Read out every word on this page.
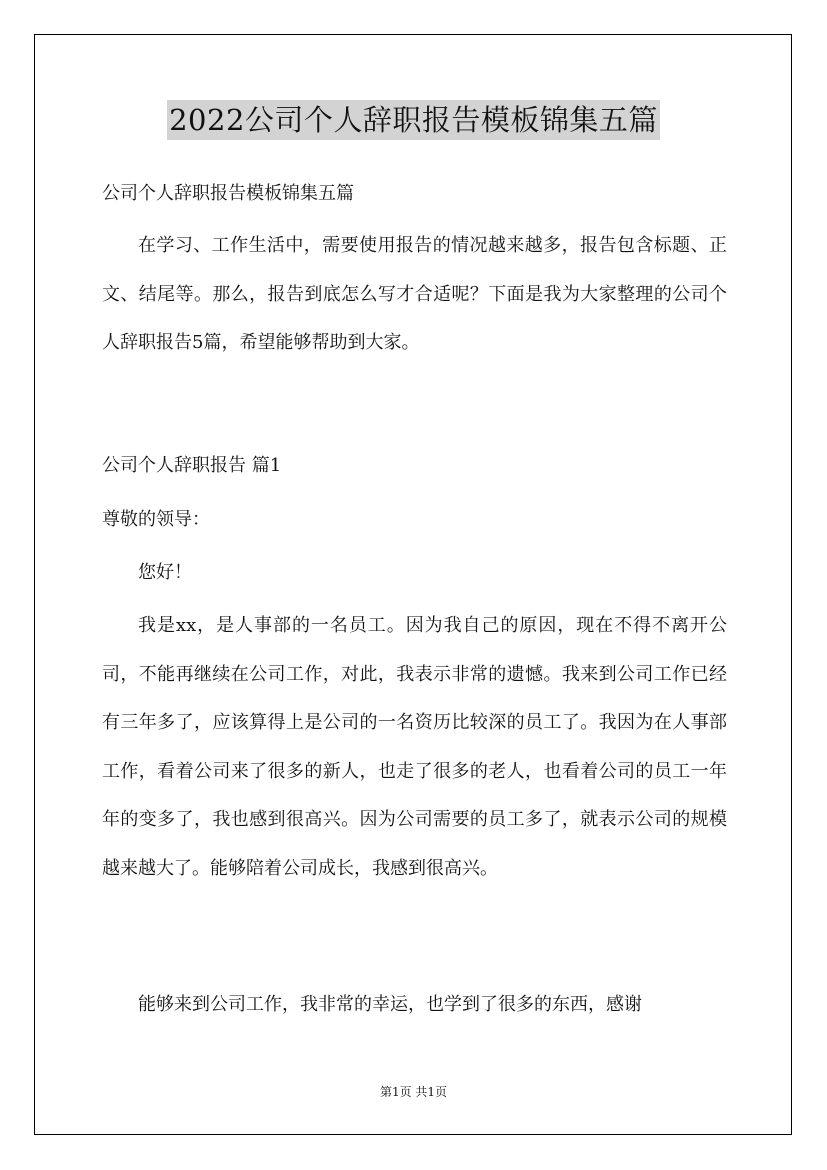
2022公司个人辞职报告模板锦集五篇
公司个人辞职报告模板锦集五篇

在学习、工作生活中，需要使用报告的情况越来越多，报告包含标题、正文、结尾等。那么，报告到底怎么写才合适呢？下面是我为大家整理的公司个人辞职报告5篇，希望能够帮助到大家。

公司个人辞职报告 篇1
尊敬的领导：
您好！

我是xx，是人事部的一名员工。因为我自己的原因，现在不得不离开公司，不能再继续在公司工作，对此，我表示非常的遗憾。我来到公司工作已经有三年多了，应该算得上是公司的一名资历比较深的员工了。我因为在人事部工作，看着公司来了很多的新人，也走了很多的老人，也看着公司的员工一年年的变多了，我也感到很高兴。因为公司需要的员工多了，就表示公司的规模越来越大了。能够陪着公司成长，我感到很高兴。

能够来到公司工作，我非常的幸运，也学到了很多的东西，感谢

第1页 共1页
